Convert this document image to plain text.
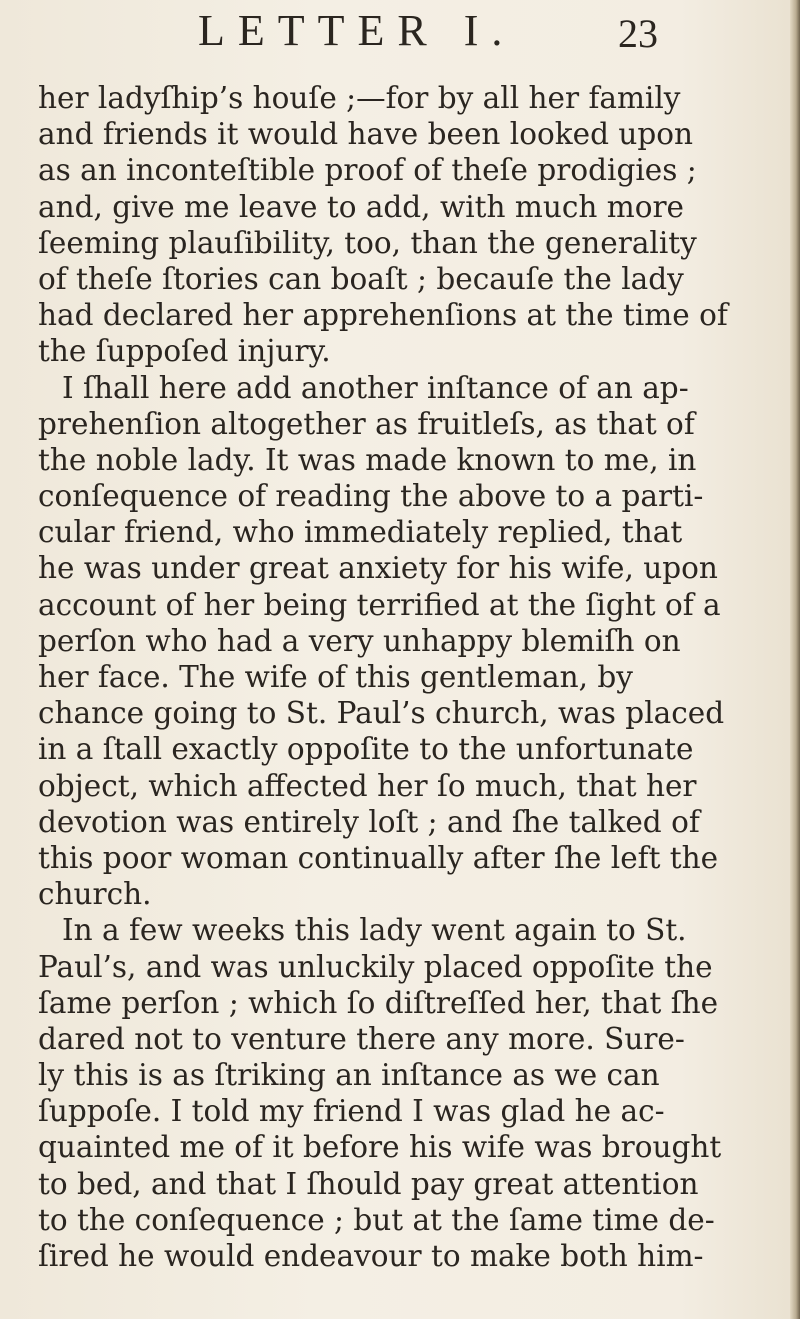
LETTER I.	23
her ladyſhip’s houſe ;—for by all her family
and friends it would have been looked upon
as an inconteſtible proof of theſe prodigies ;
and, give me leave to add, with much more
ſeeming plauſibility, too, than the generality
of theſe ſtories can boaſt ; becauſe the lady
had declared her apprehenſions at the time of
the ſuppoſed injury.
I ſhall here add another inſtance of an ap-
prehenſion altogether as fruitleſs, as that of
the noble lady. It was made known to me, in
conſequence of reading the above to a parti-
cular friend, who immediately replied, that
he was under great anxiety for his wife, upon
account of her being terrified at the ſight of a
perſon who had a very unhappy blemiſh on
her face. The wife of this gentleman, by
chance going to St. Paul’s church, was placed
in a ſtall exactly oppoſite to the unfortunate
object, which affected her ſo much, that her
devotion was entirely loſt ; and ſhe talked of
this poor woman continually after ſhe left the
church.
In a few weeks this lady went again to St.
Paul’s, and was unluckily placed oppoſite the
ſame perſon ; which ſo diſtreſſed her, that ſhe
dared not to venture there any more. Sure-
ly this is as ſtriking an inſtance as we can
ſuppoſe. I told my friend I was glad he ac-
quainted me of it before his wife was brought
to bed, and that I ſhould pay great attention
to the conſequence ; but at the ſame time de-
ſired he would endeavour to make both him-
